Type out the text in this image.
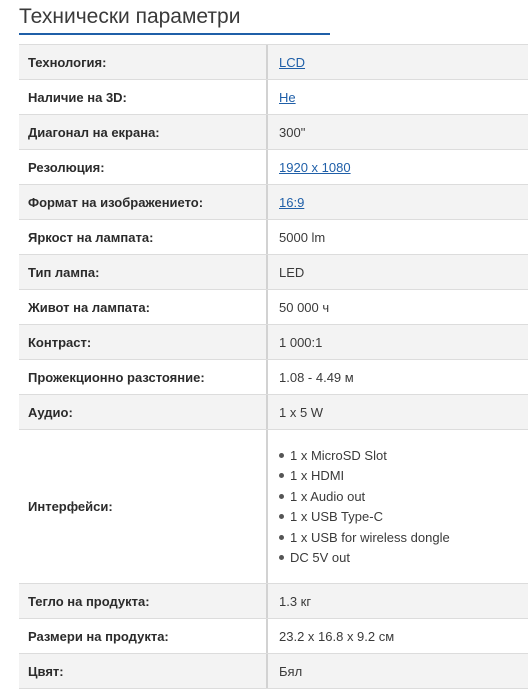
Технически параметри
Технология:	LCD
Наличие на 3D:	Не
Диагонал на екрана:	300"
Резолюция:	1920 x 1080
Формат на изображението:	16:9
Яркост на лампата:	5000 lm
Тип лампа:	LED
Живот на лампата:	50 000 ч
Контраст:	1 000:1
Прожекционно разстояние:	1.08 - 4.49 м
Аудио:	1 x 5 W
Интерфейси:
1 x MicroSD Slot
1 x HDMI
1 x Audio out
1 x USB Type-C
1 x USB for wireless dongle
DC 5V out
Тегло на продукта:	1.3 кг
Размери на продукта:	23.2 x 16.8 x 9.2 см
Цвят:	Бял
